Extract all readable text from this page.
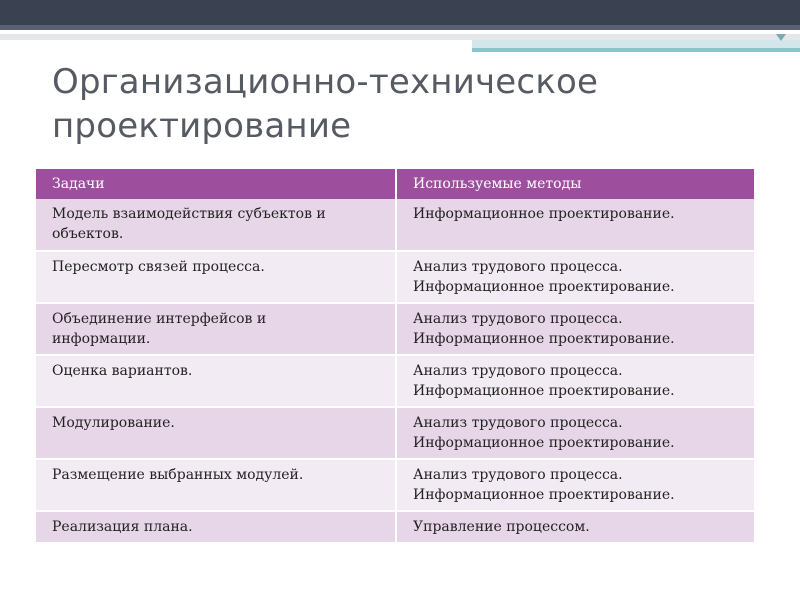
Организационно-техническое
проектирование
Задачи	Используемые методы

Модель взаимодействия субъектов и
объектов.	Информационное проектирование.

Пересмотр связей процесса.	Анализ трудового процесса.
Информационное проектирование.

Объединение интерфейсов и
информации.	Анализ трудового процесса.
Информационное проектирование.

Оценка вариантов.	Анализ трудового процесса.
Информационное проектирование.

Модулирование.	Анализ трудового процесса.
Информационное проектирование.

Размещение выбранных модулей.	Анализ трудового процесса.
Информационное проектирование.

Реализация плана.	Управление процессом.
